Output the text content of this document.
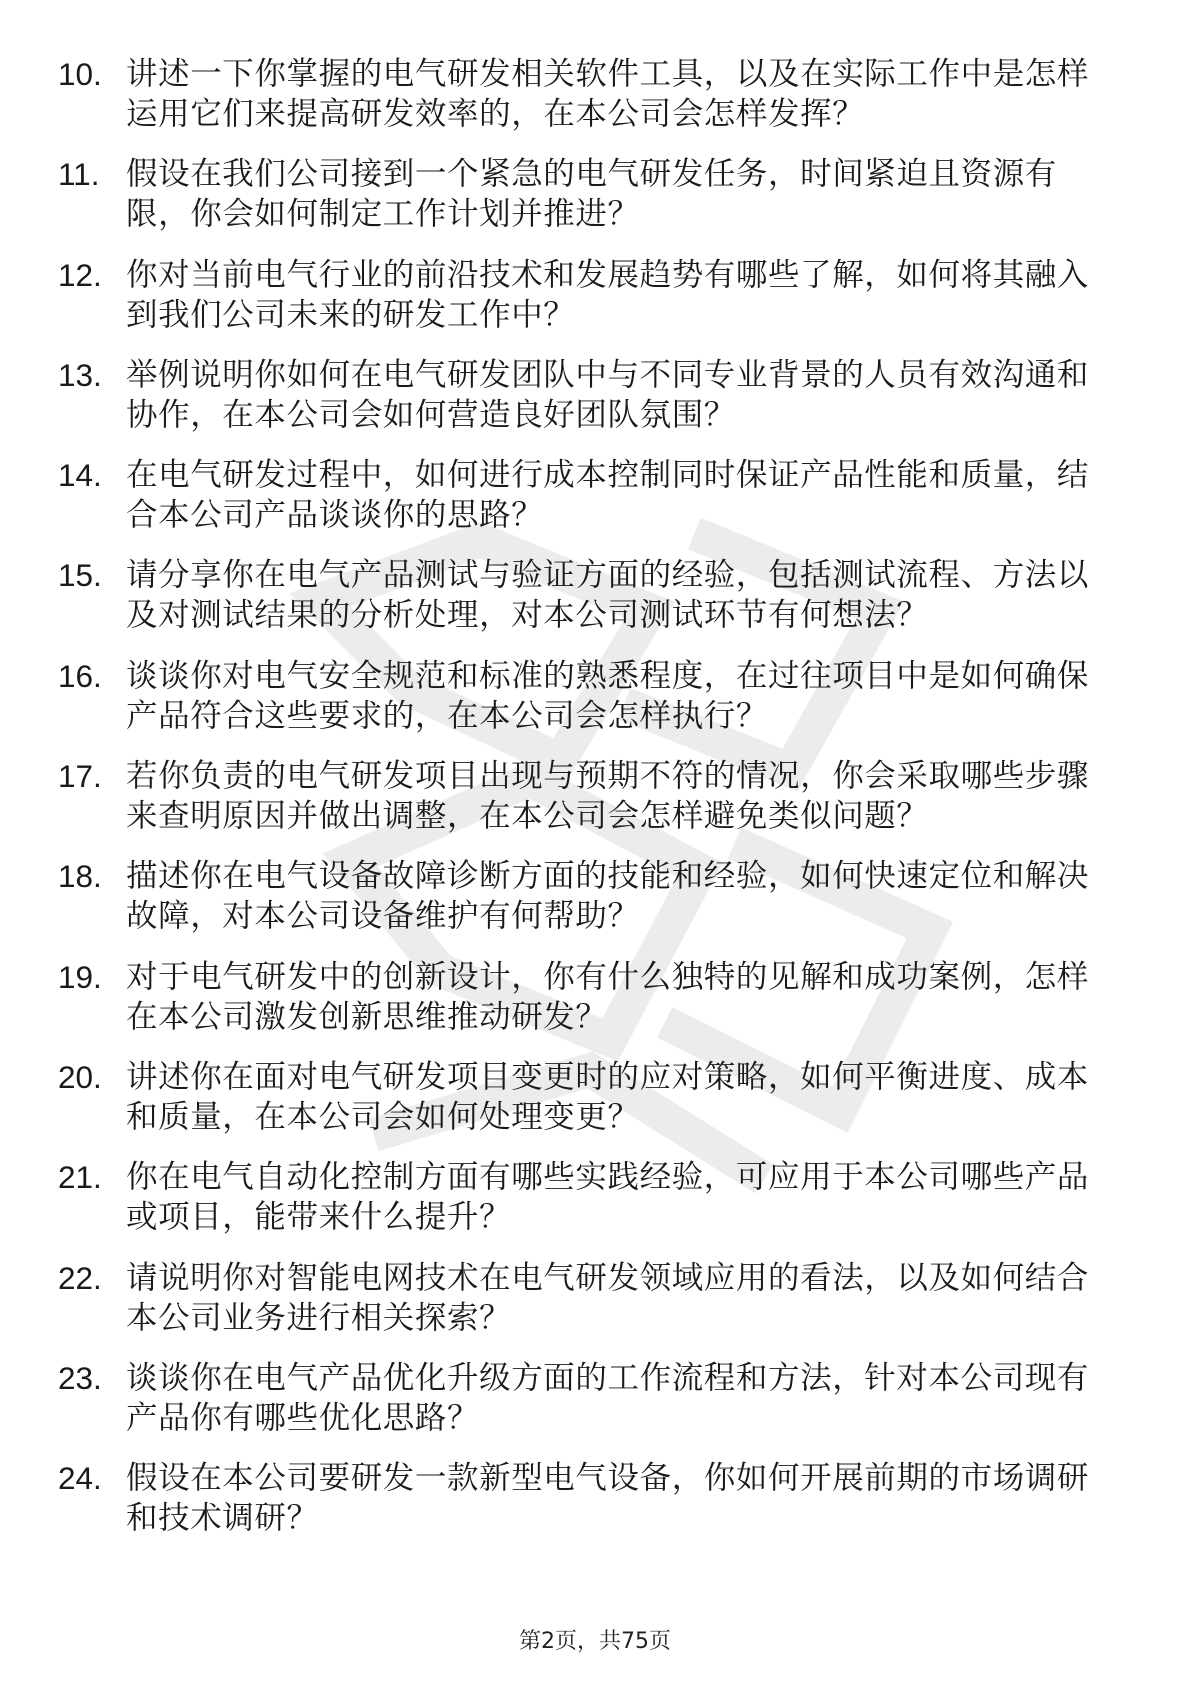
10. 讲述一下你掌握的电气研发相关软件工具，以及在实际工作中是怎样运用它们来提高研发效率的，在本公司会怎样发挥？
11. 假设在我们公司接到一个紧急的电气研发任务，时间紧迫且资源有限，你会如何制定工作计划并推进？
12. 你对当前电气行业的前沿技术和发展趋势有哪些了解，如何将其融入到我们公司未来的研发工作中？
13. 举例说明你如何在电气研发团队中与不同专业背景的人员有效沟通和协作，在本公司会如何营造良好团队氛围？
14. 在电气研发过程中，如何进行成本控制同时保证产品性能和质量，结合本公司产品谈谈你的思路？
15. 请分享你在电气产品测试与验证方面的经验，包括测试流程、方法以及对测试结果的分析处理，对本公司测试环节有何想法？
16. 谈谈你对电气安全规范和标准的熟悉程度，在过往项目中是如何确保产品符合这些要求的，在本公司会怎样执行？
17. 若你负责的电气研发项目出现与预期不符的情况，你会采取哪些步骤来查明原因并做出调整，在本公司会怎样避免类似问题？
18. 描述你在电气设备故障诊断方面的技能和经验，如何快速定位和解决故障，对本公司设备维护有何帮助？
19. 对于电气研发中的创新设计，你有什么独特的见解和成功案例，怎样在本公司激发创新思维推动研发？
20. 讲述你在面对电气研发项目变更时的应对策略，如何平衡进度、成本和质量，在本公司会如何处理变更？
21. 你在电气自动化控制方面有哪些实践经验，可应用于本公司哪些产品或项目，能带来什么提升？
22. 请说明你对智能电网技术在电气研发领域应用的看法，以及如何结合本公司业务进行相关探索？
23. 谈谈你在电气产品优化升级方面的工作流程和方法，针对本公司现有产品你有哪些优化思路？
24. 假设在本公司要研发一款新型电气设备，你如何开展前期的市场调研和技术调研？
第2页，共75页
